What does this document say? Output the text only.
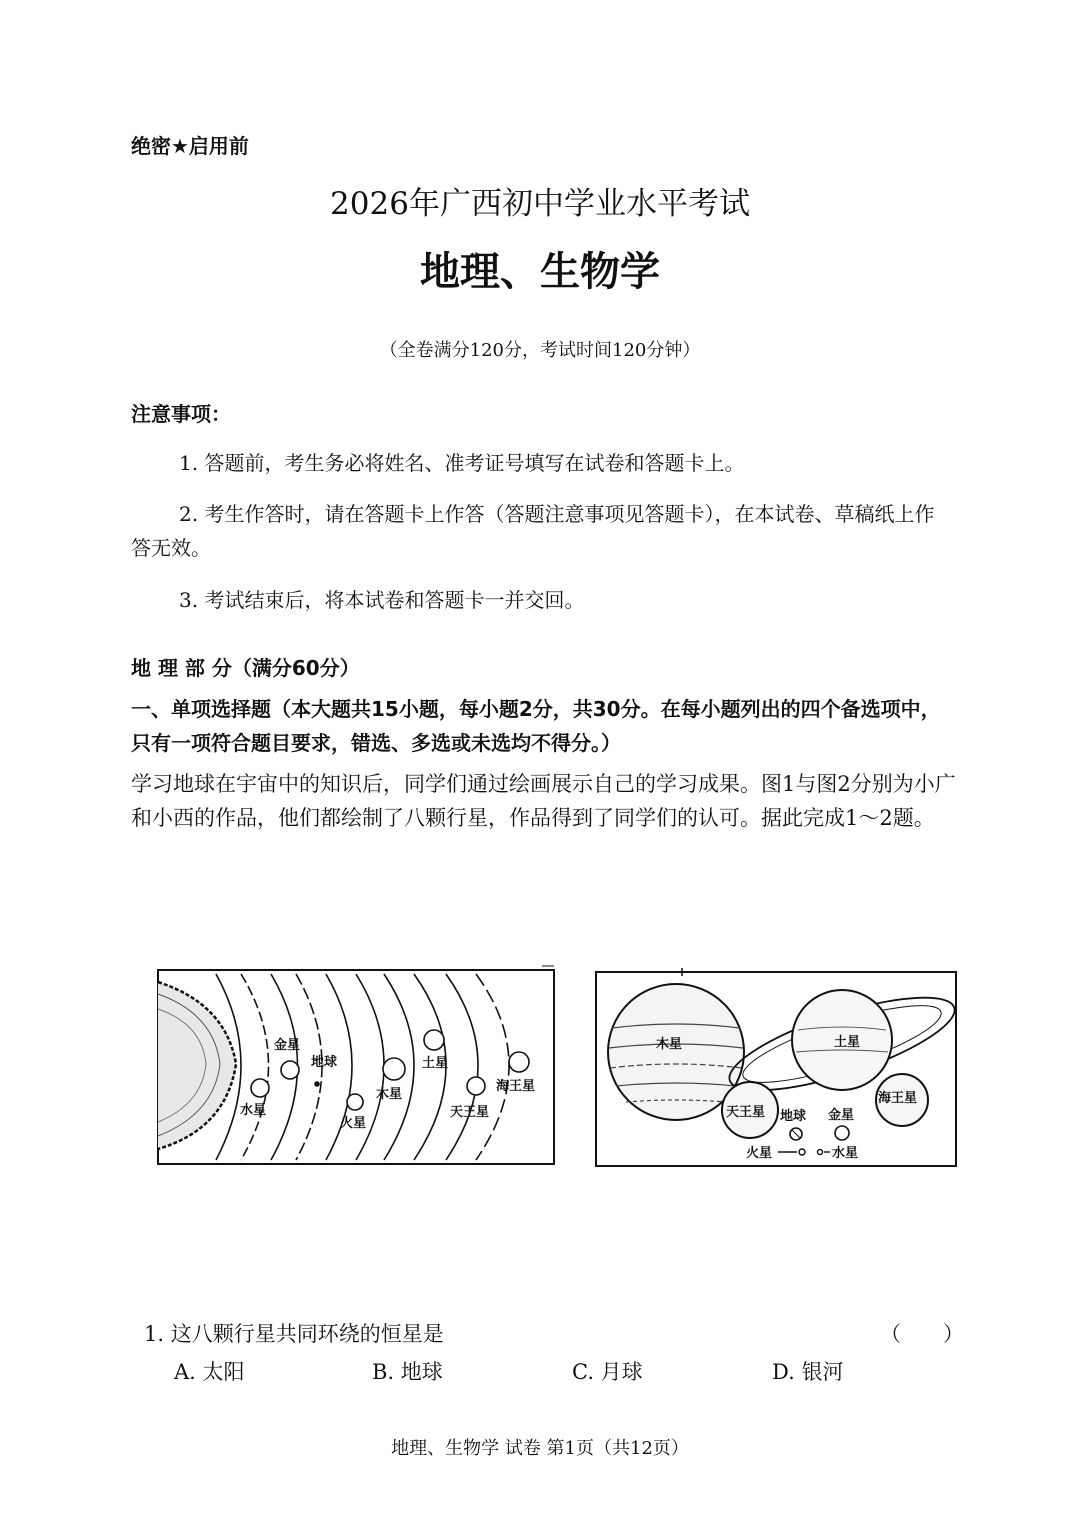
绝密★启用前
2026年广西初中学业水平考试
地理、生物学
（全卷满分120分，考试时间120分钟）
注意事项：
1. 答题前，考生务必将姓名、准考证号填写在试卷和答题卡上。
2. 考生作答时，请在答题卡上作答（答题注意事项见答题卡），在本试卷、草稿纸上作答无效。
3. 考试结束后，将本试卷和答题卡一并交回。
地 理 部 分（满分60分）
一、单项选择题（本大题共15小题，每小题2分，共30分。在每小题列出的四个备选项中，只有一项符合题目要求，错选、多选或未选均不得分。）
学习地球在宇宙中的知识后，同学们通过绘画展示自己的学习成果。图1与图2分别为小广和小西的作品，他们都绘制了八颗行星，作品得到了同学们的认可。据此完成1～2题。
水星
金星
地球
火星
木星
土星
天王星
海王星
木星	土星
天王星
海王星
地球 金星
火星	水星
1. 这八颗行星共同环绕的恒星是	（　　）
A. 太阳	B. 地球	C. 月球	D. 银河
地理、生物学 试卷 第1页（共12页）
